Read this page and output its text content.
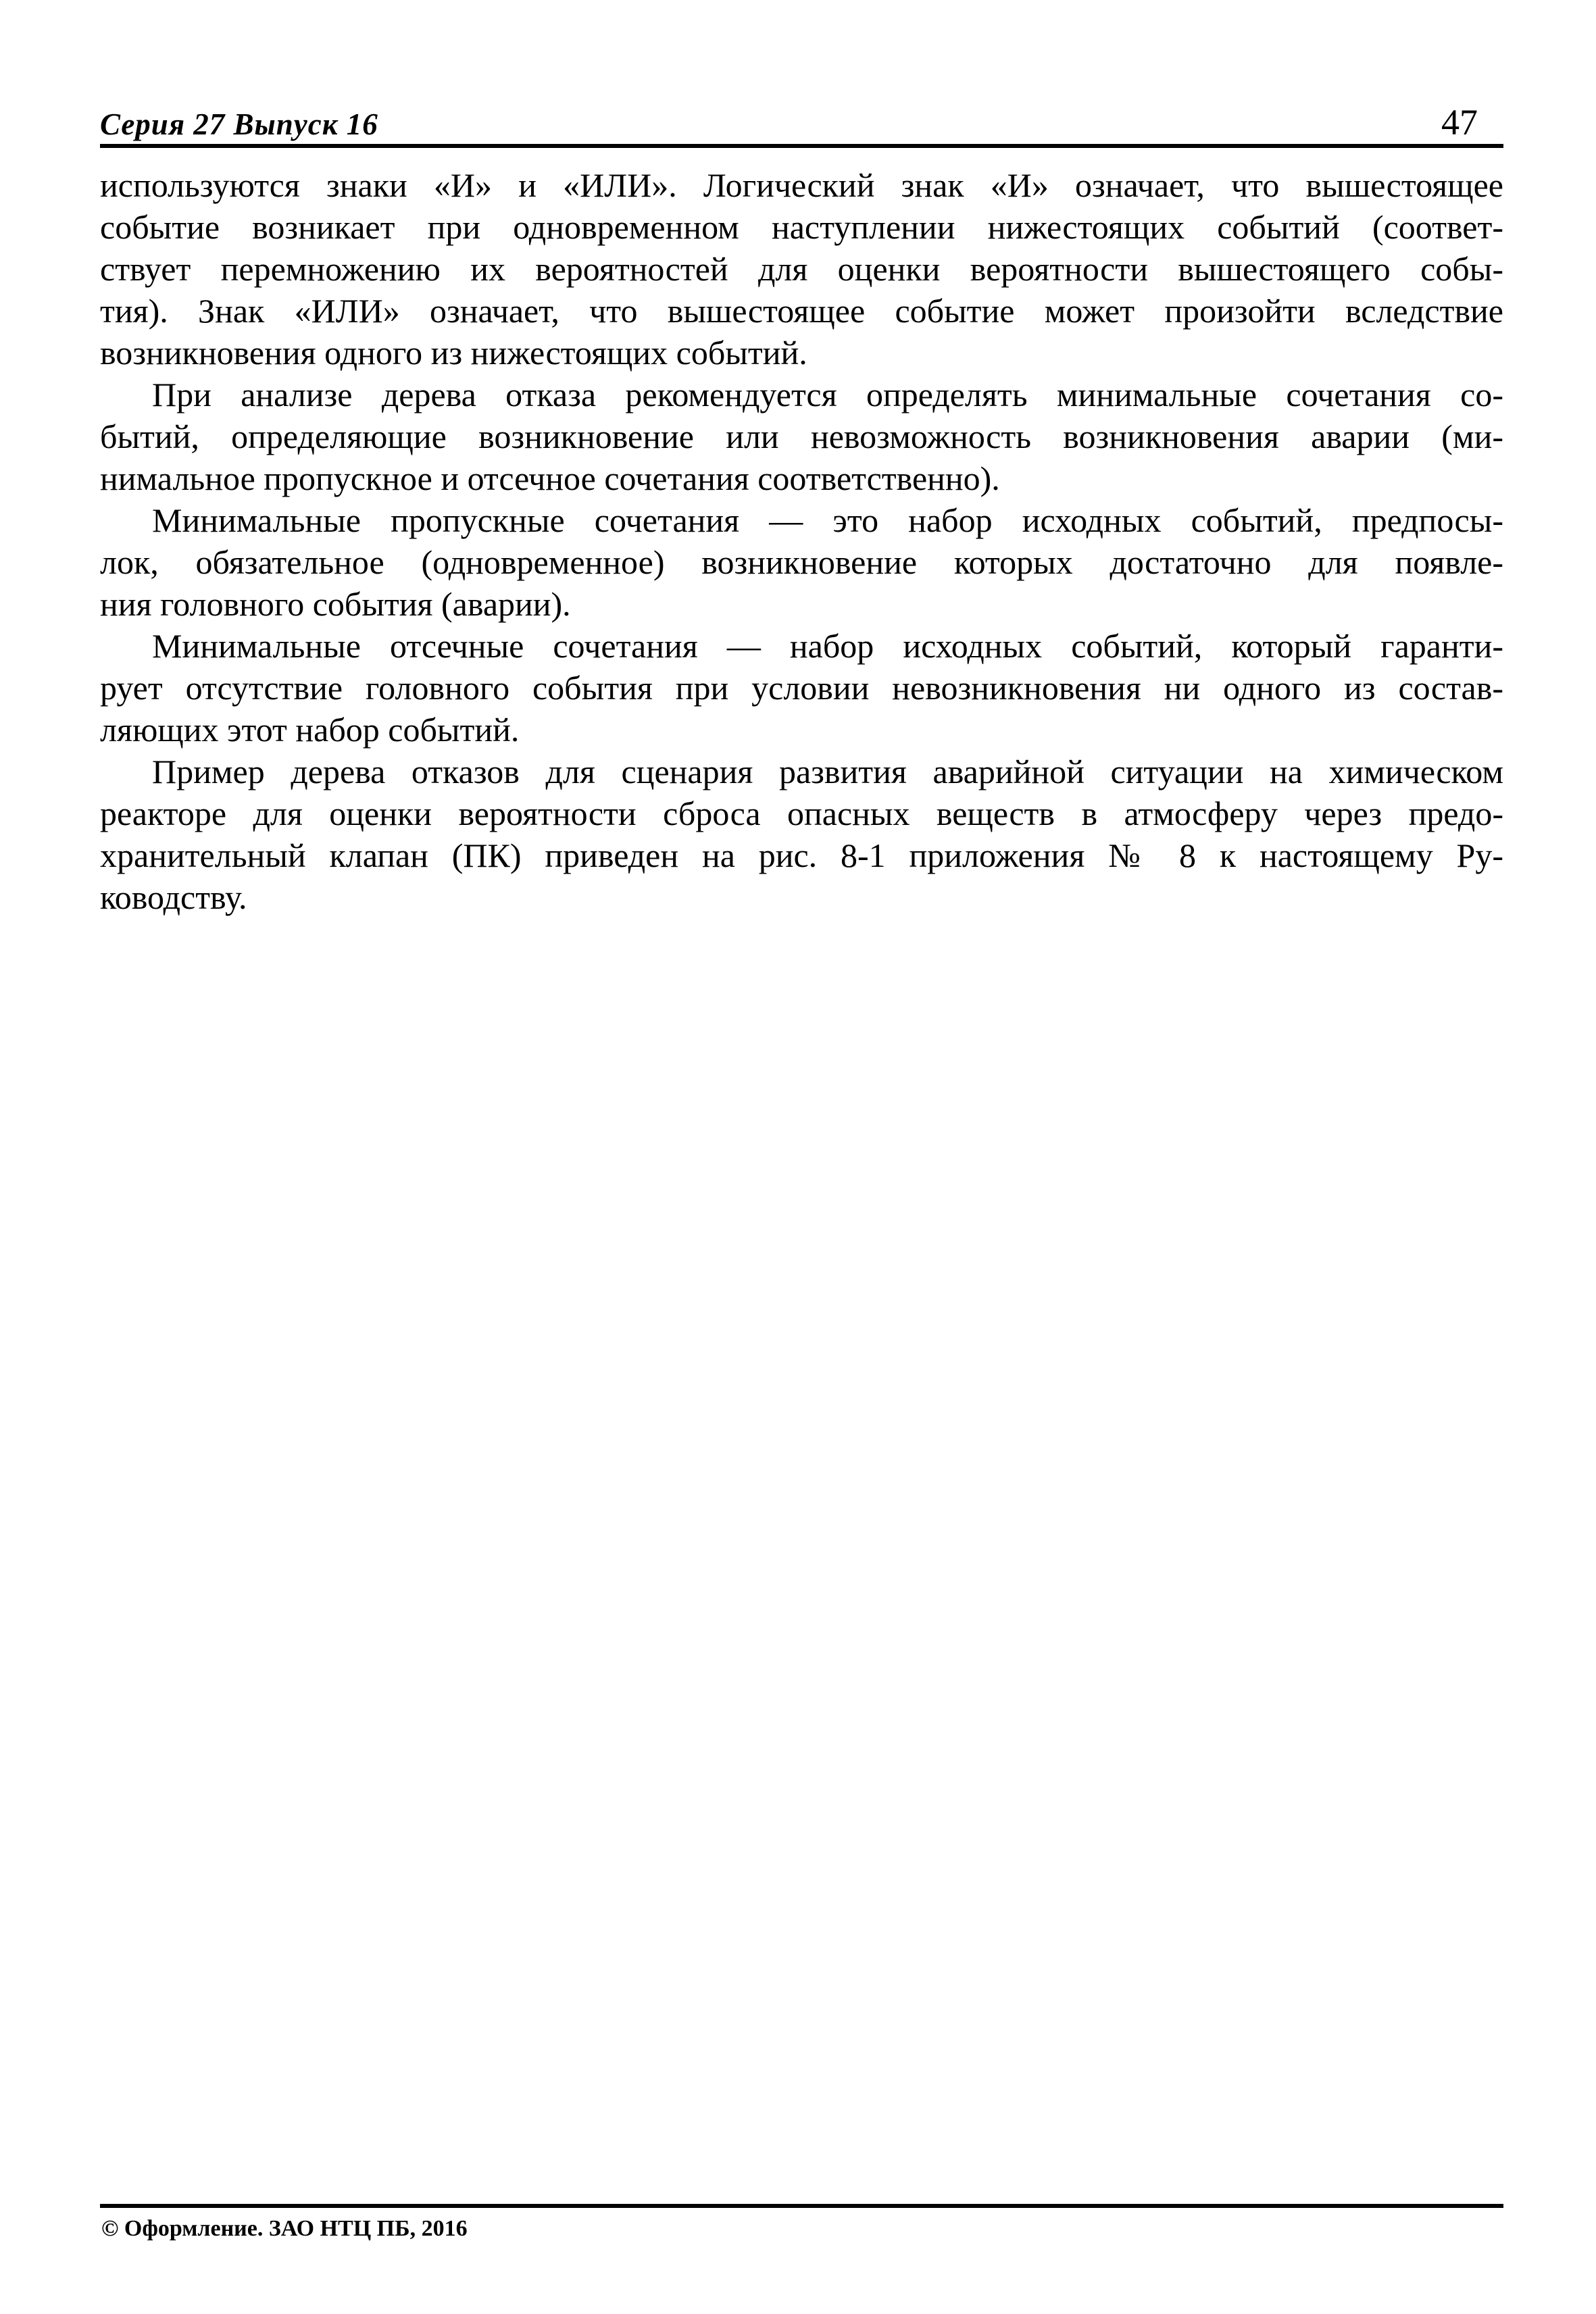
Серия 27 Выпуск 16	47
используются знаки «И» и «ИЛИ». Логический знак «И» означает, что вышестоящее
событие возникает при одновременном наступлении нижестоящих событий (соответ-
ствует перемножению их вероятностей для оценки вероятности вышестоящего собы-
тия). Знак «ИЛИ» означает, что вышестоящее событие может произойти вследствие
возникновения одного из нижестоящих событий.
При анализе дерева отказа рекомендуется определять минимальные сочетания со-
бытий, определяющие возникновение или невозможность возникновения аварии (ми-
нимальное пропускное и отсечное сочетания соответственно).
Минимальные пропускные сочетания — это набор исходных событий, предпосы-
лок, обязательное (одновременное) возникновение которых достаточно для появле-
ния головного события (аварии).
Минимальные отсечные сочетания — набор исходных событий, который гаранти-
рует отсутствие головного события при условии невозникновения ни одного из состав-
ляющих этот набор событий.
Пример дерева отказов для сценария развития аварийной ситуации на химическом
реакторе для оценки вероятности сброса опасных веществ в атмосферу через предо-
хранительный клапан (ПК) приведен на рис. 8-1 приложения № 8 к настоящему Ру-
ководству.
© Оформление. ЗАО НТЦ ПБ, 2016
